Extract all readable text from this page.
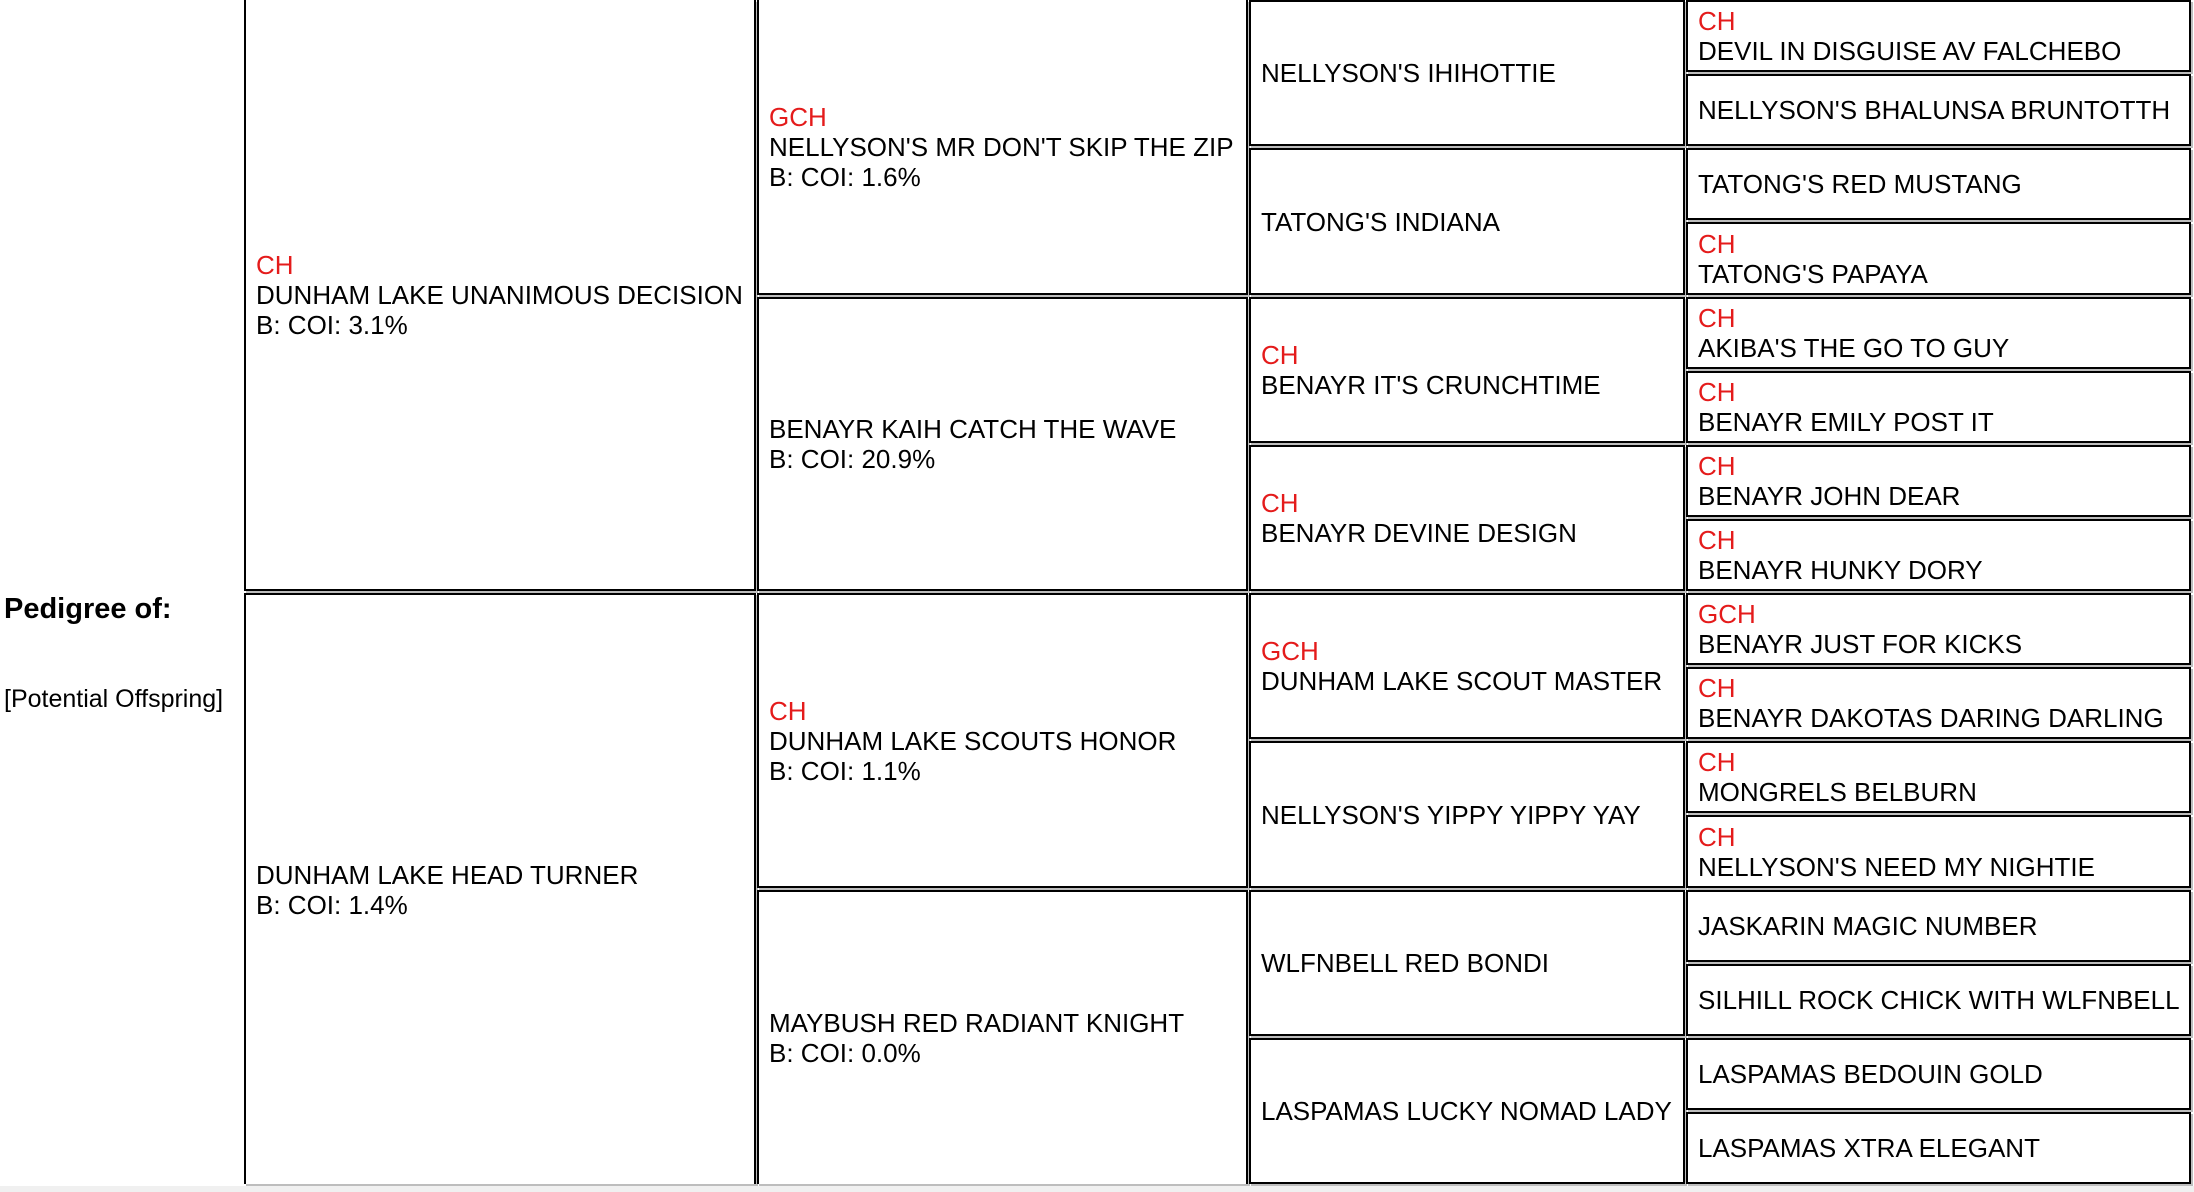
Pedigree of:
[Potential Offspring]
CH
DUNHAM LAKE UNANIMOUS DECISION
B: COI: 3.1%
DUNHAM LAKE HEAD TURNER
B: COI: 1.4%
GCH
NELLYSON'S MR DON'T SKIP THE ZIP
B: COI: 1.6%
BENAYR KAIH CATCH THE WAVE
B: COI: 20.9%
CH
DUNHAM LAKE SCOUTS HONOR
B: COI: 1.1%
MAYBUSH RED RADIANT KNIGHT
B: COI: 0.0%
NELLYSON'S IHIHOTTIE
TATONG'S INDIANA
CH
BENAYR IT'S CRUNCHTIME
CH
BENAYR DEVINE DESIGN
GCH
DUNHAM LAKE SCOUT MASTER
NELLYSON'S YIPPY YIPPY YAY
WLFNBELL RED BONDI
LASPAMAS LUCKY NOMAD LADY
CH
DEVIL IN DISGUISE AV FALCHEBO
NELLYSON'S BHALUNSA BRUNTOTTH
TATONG'S RED MUSTANG
CH
TATONG'S PAPAYA
CH
AKIBA'S THE GO TO GUY
CH
BENAYR EMILY POST IT
CH
BENAYR JOHN DEAR
CH
BENAYR HUNKY DORY
GCH
BENAYR JUST FOR KICKS
CH
BENAYR DAKOTAS DARING DARLING
CH
MONGRELS BELBURN
CH
NELLYSON'S NEED MY NIGHTIE
JASKARIN MAGIC NUMBER
SILHILL ROCK CHICK WITH WLFNBELL
LASPAMAS BEDOUIN GOLD
LASPAMAS XTRA ELEGANT
